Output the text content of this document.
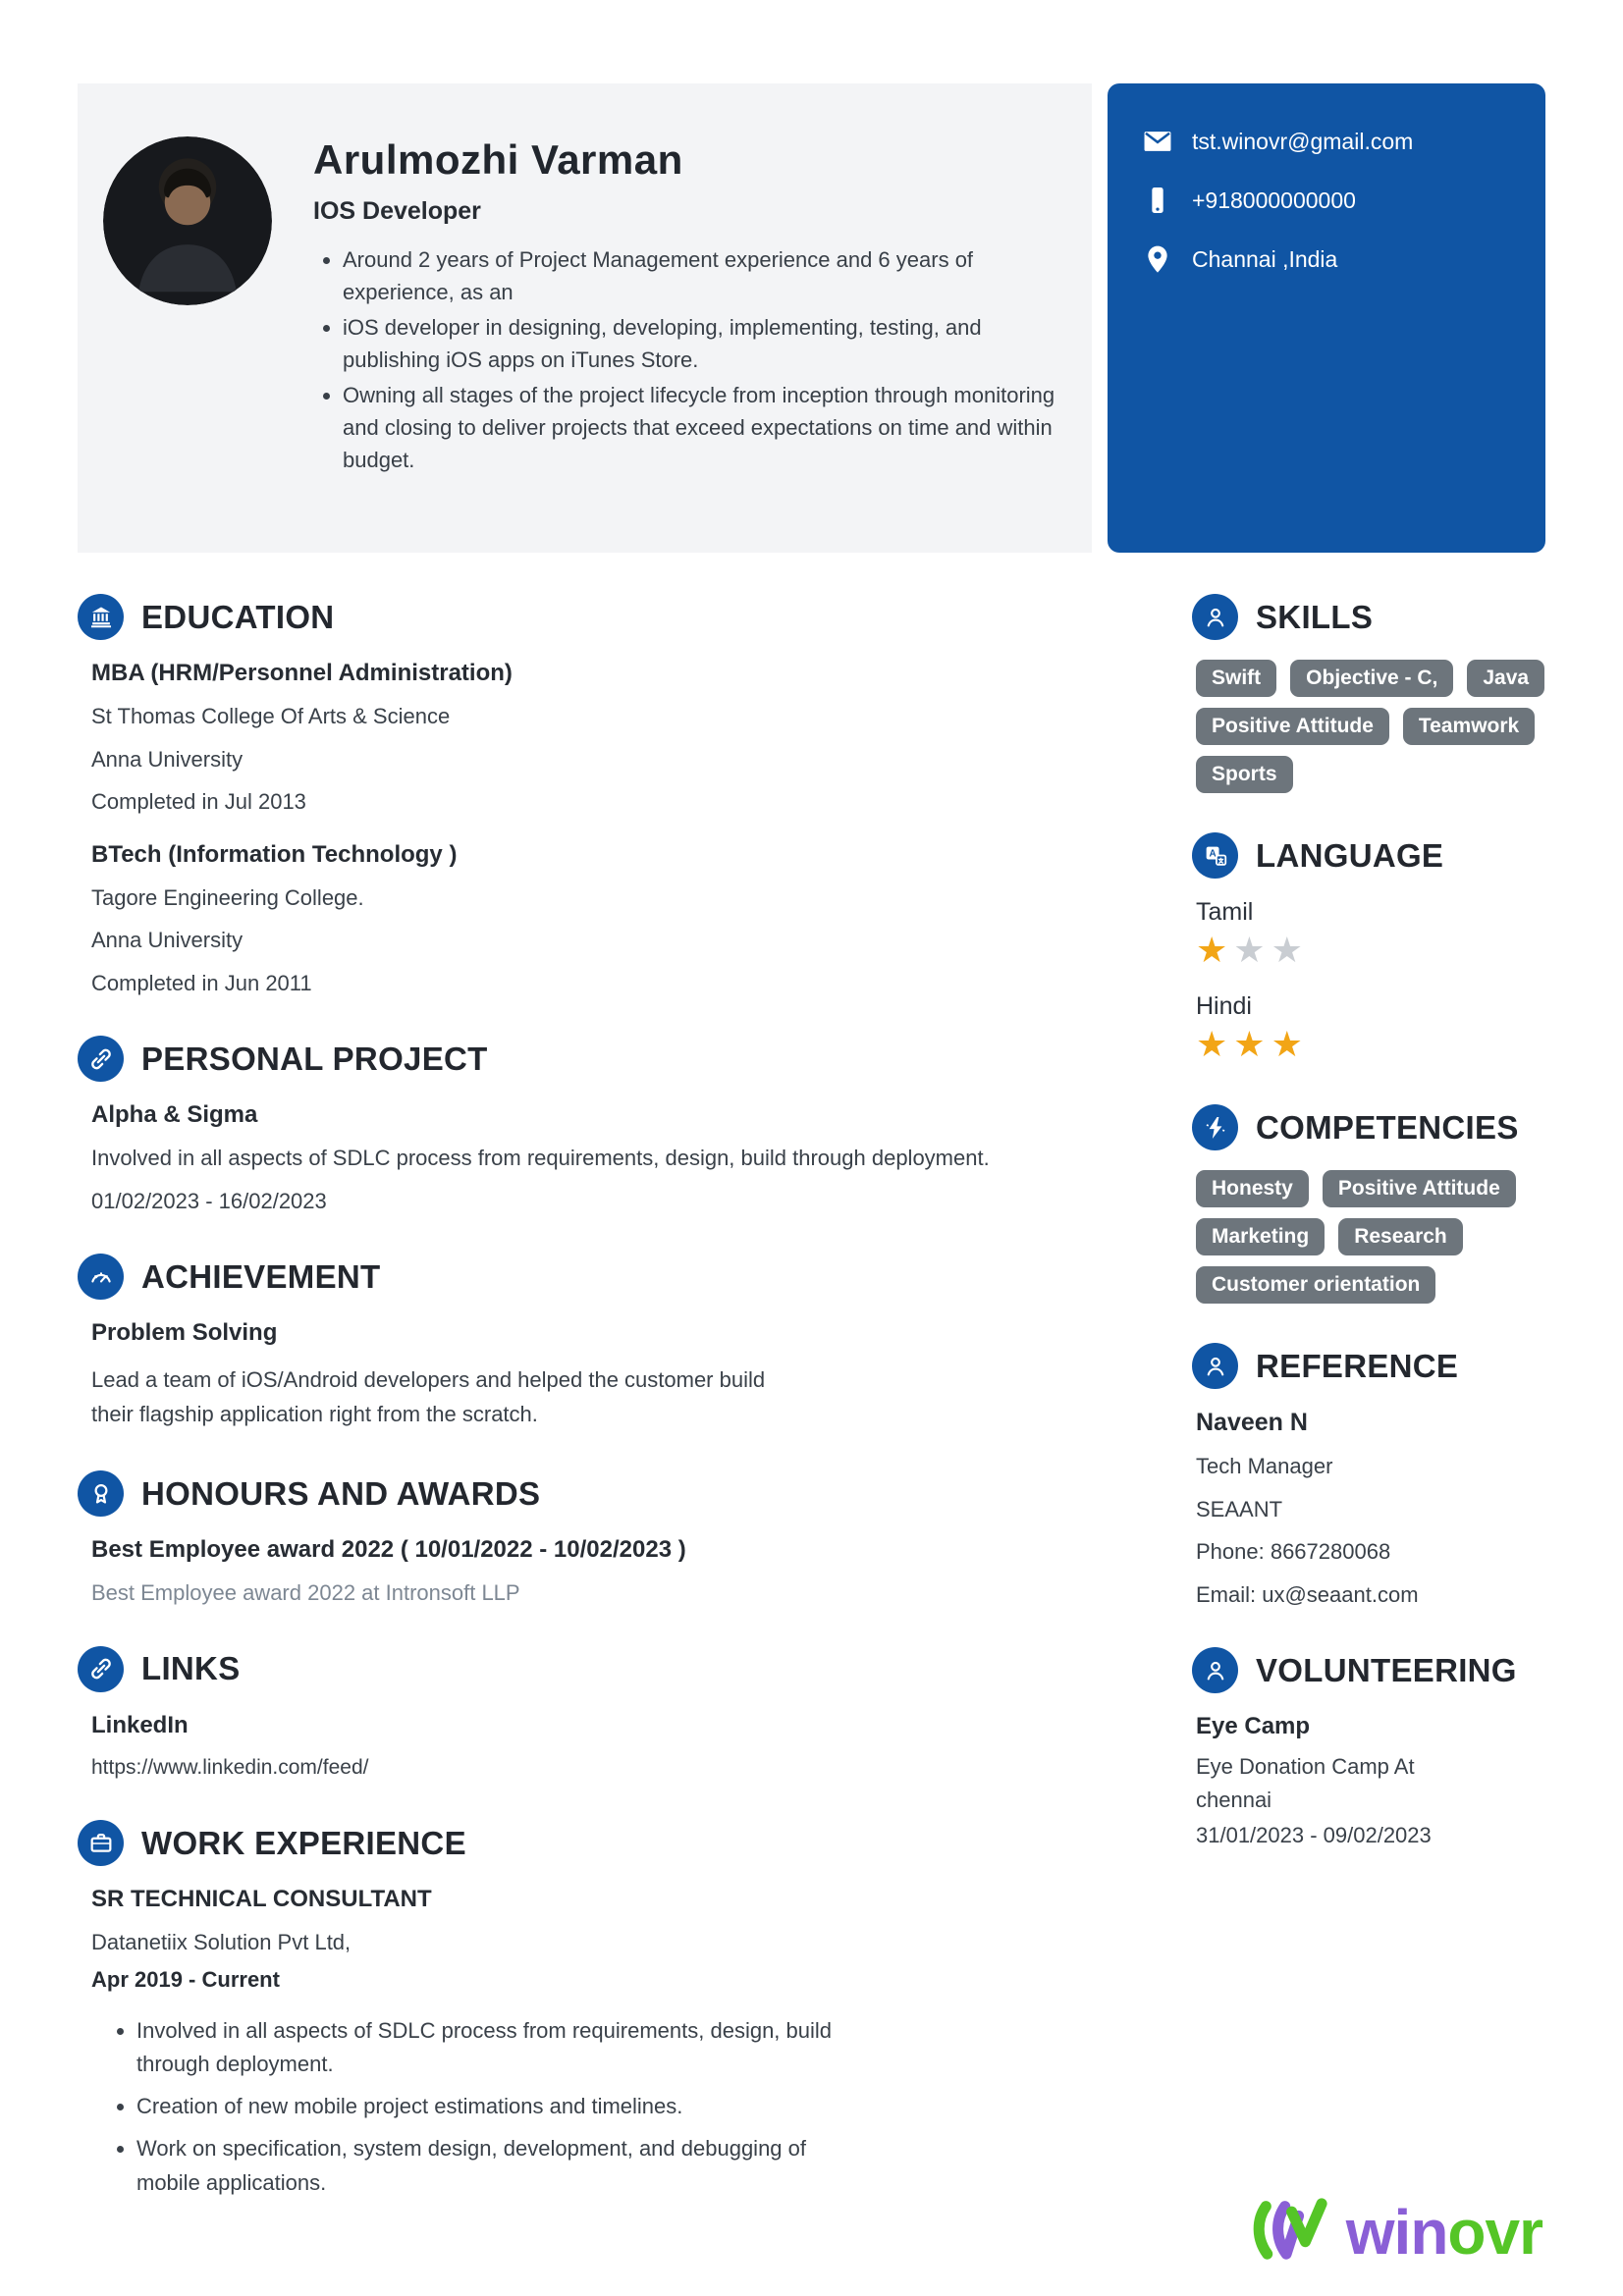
Arulmozhi Varman
IOS Developer
• Around 2 years of Project Management experience and 6 years of experience, as an
• iOS developer in designing, developing, implementing, testing, and publishing iOS apps on iTunes Store.
• Owning all stages of the project lifecycle from inception through monitoring and closing to deliver projects that exceed expectations on time and within budget.
tst.winovr@gmail.com
+918000000000
Channai ,India
EDUCATION
MBA (HRM/Personnel Administration)
St Thomas College Of Arts & Science
Anna University
Completed in Jul 2013
BTech (Information Technology )
Tagore Engineering College.
Anna University
Completed in Jun 2011
PERSONAL PROJECT
Alpha & Sigma
Involved in all aspects of SDLC process from requirements, design, build through deployment.
01/02/2023 - 16/02/2023
ACHIEVEMENT
Problem Solving
Lead a team of iOS/Android developers and helped the customer build their flagship application right from the scratch.
HONOURS AND AWARDS
Best Employee award 2022 ( 10/01/2022 - 10/02/2023 )
Best Employee award 2022 at Intronsoft LLP
LINKS
LinkedIn
https://www.linkedin.com/feed/
WORK EXPERIENCE
SR TECHNICAL CONSULTANT
Datanetiix Solution Pvt Ltd,
Apr 2019 - Current
• Involved in all aspects of SDLC process from requirements, design, build through deployment.
• Creation of new mobile project estimations and timelines.
• Work on specification, system design, development, and debugging of mobile applications.
SKILLS
Swift	Objective - C,	Java
Positive Attitude	Teamwork
Sports
A LANGUAGE
Tamil
★★★
Hindi
★★★
COMPETENCIES
Honesty	Positive Attitude
Marketing	Research
Customer orientation
REFERENCE
Naveen N
Tech Manager
SEAANT
Phone: 8667280068
Email: ux@seaant.com
VOLUNTEERING
Eye Camp
Eye Donation Camp At chennai
31/01/2023 - 09/02/2023
winovr
